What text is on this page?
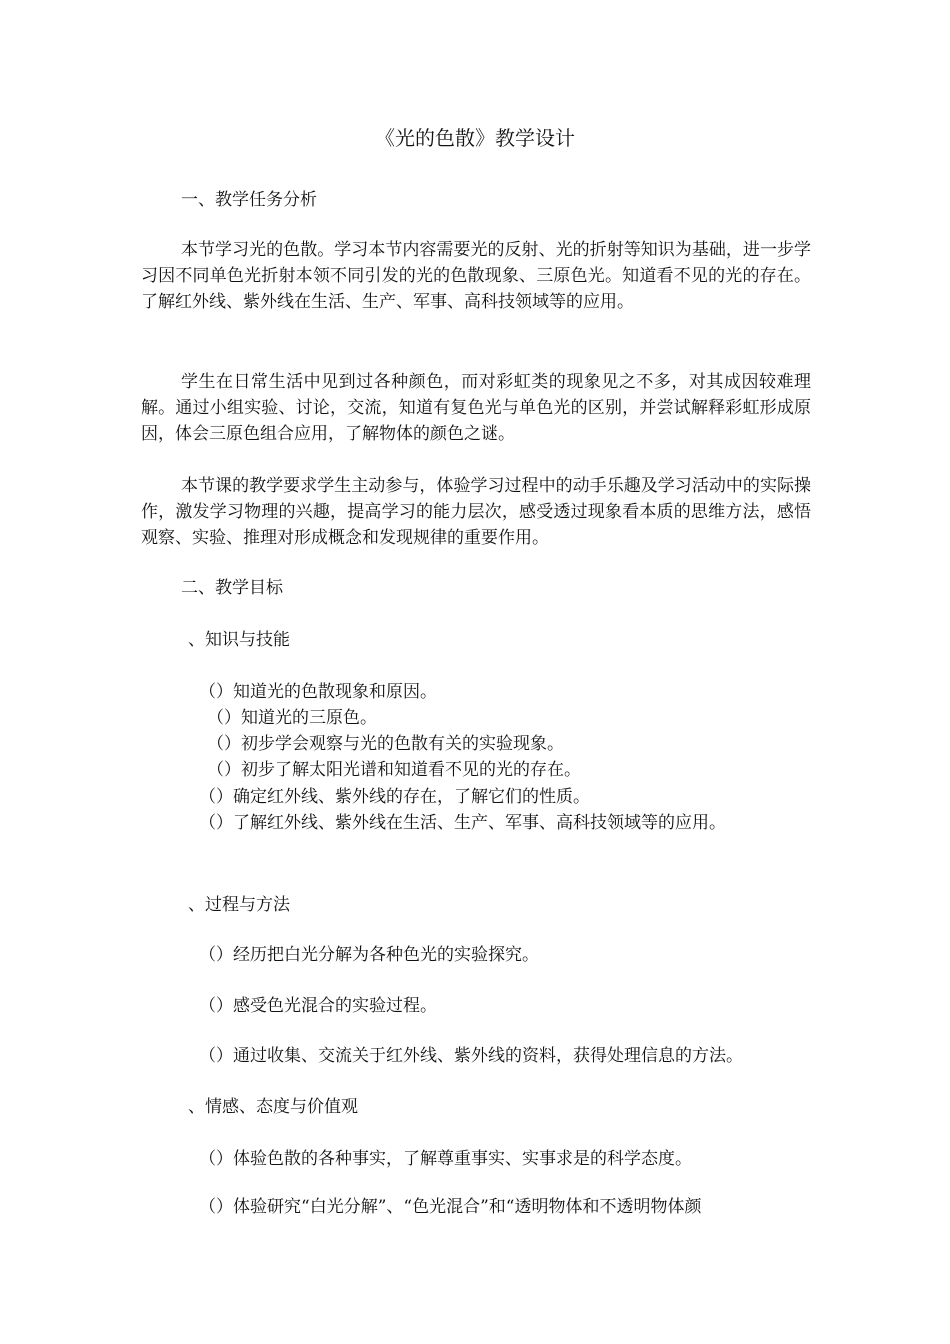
《光的色散》教学设计
一、教学任务分析

本节学习光的色散。学习本节内容需要光的反射、光的折射等知识为基础，进一步学习因不同单色光折射本领不同引发的光的色散现象、三原色光。知道看不见的光的存在。了解红外线、紫外线在生活、生产、军事、高科技领域等的应用。

学生在日常生活中见到过各种颜色，而对彩虹类的现象见之不多，对其成因较难理解。通过小组实验、讨论，交流，知道有复色光与单色光的区别，并尝试解释彩虹形成原因，体会三原色组合应用，了解物体的颜色之谜。

本节课的教学要求学生主动参与，体验学习过程中的动手乐趣及学习活动中的实际操作，激发学习物理的兴趣，提高学习的能力层次，感受透过现象看本质的思维方法，感悟观察、实验、推理对形成概念和发现规律的重要作用。

二、教学目标
、知识与技能

（）知道光的色散现象和原因。

（）知道光的三原色。

（）初步学会观察与光的色散有关的实验现象。

（）初步了解太阳光谱和知道看不见的光的存在。

（）确定红外线、紫外线的存在，了解它们的性质。

（）了解红外线、紫外线在生活、生产、军事、高科技领域等的应用。

、过程与方法

（）经历把白光分解为各种色光的实验探究。

（）感受色光混合的实验过程。

（）通过收集、交流关于红外线、紫外线的资料，获得处理信息的方法。

、情感、态度与价值观

（）体验色散的各种事实，了解尊重事实、实事求是的科学态度。

（）体验研究“白光分解”、“色光混合”和“透明物体和不透明物体颜
